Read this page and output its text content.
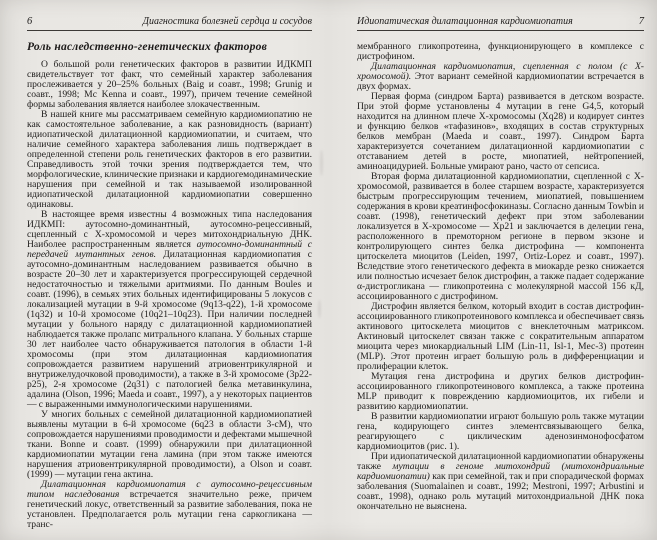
6	Диагностика болезней сердца и сосудов
Роль наследственно-генетических факторов

О большой роли генетических факторов в развитии ИДКМП свидетельствует тот факт, что семейный характер заболевания прослеживается у 20–25% больных (Baig и соавт., 1998; Grunig и соавт., 1998; Mc Kenna и соавт., 1997), причем течение семейной формы заболевания является наиболее злокачественным.

В нашей книге мы рассматриваем семейную кардиомиопатию не как самостоятельное заболевание, а как разновидность (вариант) идиопатической дилатационной кардиомиопатии, и считаем, что наличие семейного характера заболевания лишь подтверждает в определенной степени роль генетических факторов в его развитии. Справедливость этой точки зрения подтверждается тем, что морфологические, клинические признаки и кардиогемодинамические нарушения при семейной и так называемой изолированной идиопатической дилатационной кардиомиопатии совершенно одинаковы.

В настоящее время известны 4 возможных типа наследования ИДКМП: аутосомно-доминантный, аутосомно-рецессивный, сцепленный с Х-хромосомой и через митохондриальную ДНК. Наиболее распространенным является аутосомно-доминантный с передачей мутантных генов. Дилатационная кардиомиопатия с аутосомно-доминантным наследованием развивается обычно в возрасте 20–30 лет и характеризуется прогрессирующей сердечной недостаточностью и тяжелыми аритмиями. По данным Boules и соавт. (1996), в семьях этих больных идентифицированы 5 локусов с локализацией мутации в 9-й хромосоме (9q13-q22), 1-й хромосоме (1q32) и 10-й хромосоме (10q21–10q23). При наличии последней мутации у больного наряду с дилатационной кардиомиопатией наблюдается также пролапс митрального клапана. У больных старше 30 лет наиболее часто обнаруживается патология в области 1-й хромосомы (при этом дилатационная кардиомиопатия сопровождается развитием нарушений атриовентрикулярной и внутрижелудочковой проводимости), а также в 3-й хромосоме (3p22-p25), 2-я хромосоме (2q31) с патологией белка метавинкулина, адалина (Olson, 1996; Maeda и соавт., 1997), а у некоторых пациентов — с выраженными иммунологическими нарушениями.

У многих больных с семейной дилатационной кардиомиопатией выявлены мутации в 6-й хромосоме (6q23 в области 3-сМ), что сопровождается нарушениями проводимости и дефектами мышечной ткани. Bonne и соавт. (1999) обнаружили при дилатационной кардиомиопатии мутации гена ламина (при этом также имеются нарушения атриовентрикулярной проводимости), а Olson и соавт. (1999) — мутации гена актина.

Дилатационная кардиомиопатия с аутосомно-рецессивным типом наследования встречается значительно реже, причем генетический локус, ответственный за развитие заболевания, пока не установлен. Предполагается роль мутации гена саркогликана — транс-

Идиопатическая дилатационная кардиомиопатия	7

мембранного гликопротеина, функционирующего в комплексе с дистрофином.

Дилатационная кардиомиопатия, сцепленная с полом (с Х-хромосомой). Этот вариант семейной кардиомиопатии встречается в двух формах.

Первая форма (синдром Барта) развивается в детском возрасте. При этой форме установлены 4 мутации в гене G4,5, который находится на длинном плече Х-хромосомы (Xq28) и кодирует синтез и функцию белков «тафазинов», входящих в состав структурных белков мембран (Maeda и соавт., 1997). Синдром Барта характеризуется сочетанием дилатационной кардиомиопатии с отставанием детей в росте, миопатией, нейтропенией, аминоацидурией. Больные умирают рано, часто от сепсиса.

Вторая форма дилатационной кардиомиопатии, сцепленной с Х-хромосомой, развивается в более старшем возрасте, характеризуется быстрым прогрессирующим течением, миопатией, повышением содержания в крови креатинфосфокиназы. Согласно данным Towbin и соавт. (1998), генетический дефект при этом заболевании локализуется в Х-хромосоме — Хр21 и заключается в делеции гена, расположенного в премоторном регионе в первом экзоне и контролирующего синтез белка дистрофина — компонента цитоскелета миоцитов (Leiden, 1997, Ortiz-Lopez и соавт., 1997). Вследствие этого генетического дефекта в миокарде резко снижается или полностью исчезает белок дистрофин, а также падает содержание α-дистрогликана — гликопротеина с молекулярной массой 156 кД, ассоциированного с дистрофином.

Дистрофин является белком, который входит в состав дистрофин-ассоциированного гликопротеинового комплекса и обеспечивает связь актинового цитоскелета миоцитов с внеклеточным матриксом. Актиновый цитоскелет связан также с сократительным аппаратом миоцита через миокардиальный LIM (Lin-11, Isl-1, Мес-3) протеин (MLP). Этот протеин играет большую роль в дифференциации и пролиферации клеток.

Мутация гена дистрофина и других белков дистрофин-ассоциированного гликопротеинового комплекса, а также протеина MLP приводит к повреждению кардиомиоцитов, их гибели и развитию кардиомиопатии.

В развитии кардиомиопатии играют большую роль также мутации гена, кодирующего синтез элементсвязывающего белка, реагирующего с циклическим аденозинмонофосфатом кардиомиоцитов (рис. 1).

При идиопатической дилатационной кардиомиопатии обнаружены также мутации в геноме митохондрий (митохондриальные кардиомиопатии) как при семейной, так и при спорадической формах заболевания (Suomalainen и соавт., 1992; Mestroni, 1997; Arbustini и соавт., 1998), однако роль мутаций митохондриальной ДНК пока окончательно не выяснена.
